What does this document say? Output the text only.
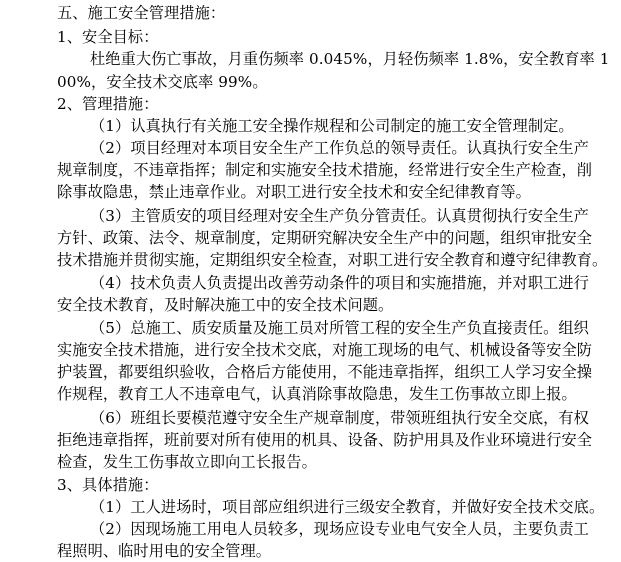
五、施工安全管理措施：
1、安全目标：
杜绝重大伤亡事故，月重伤频率 0.045%，月轻伤频率 1.8%，安全教育率 1
00%，安全技术交底率 99%。
2、管理措施：
（1）认真执行有关施工安全操作规程和公司制定的施工安全管理制定。
（2）项目经理对本项目安全生产工作负总的领导责任。认真执行安全生产
规章制度，不违章指挥；制定和实施安全技术措施，经常进行安全生产检查，削
除事故隐患，禁止违章作业。对职工进行安全技术和安全纪律教育等。
（3）主管质安的项目经理对安全生产负分管责任。认真贯彻执行安全生产
方针、政策、法令、规章制度，定期研究解决安全生产中的问题，组织审批安全
技术措施并贯彻实施，定期组织安全检查，对职工进行安全教育和遵守纪律教育。
（4）技术负责人负责提出改善劳动条件的项目和实施措施，并对职工进行
安全技术教育，及时解决施工中的安全技术问题。
（5）总施工、质安质量及施工员对所管工程的安全生产负直接责任。组织
实施安全技术措施，进行安全技术交底，对施工现场的电气、机械设备等安全防
护装置，都要组织验收，合格后方能使用，不能违章指挥，组织工人学习安全操
作规程，教育工人不违章电气，认真消除事故隐患，发生工伤事故立即上报。
（6）班组长要模范遵守安全生产规章制度，带领班组执行安全交底，有权
拒绝违章指挥，班前要对所有使用的机具、设备、防护用具及作业环境进行安全
检查，发生工伤事故立即向工长报告。
3、具体措施：
（1）工人进场时，项目部应组织进行三级安全教育，并做好安全技术交底。
（2）因现场施工用电人员较多，现场应设专业电气安全人员，主要负责工
程照明、临时用电的安全管理。
